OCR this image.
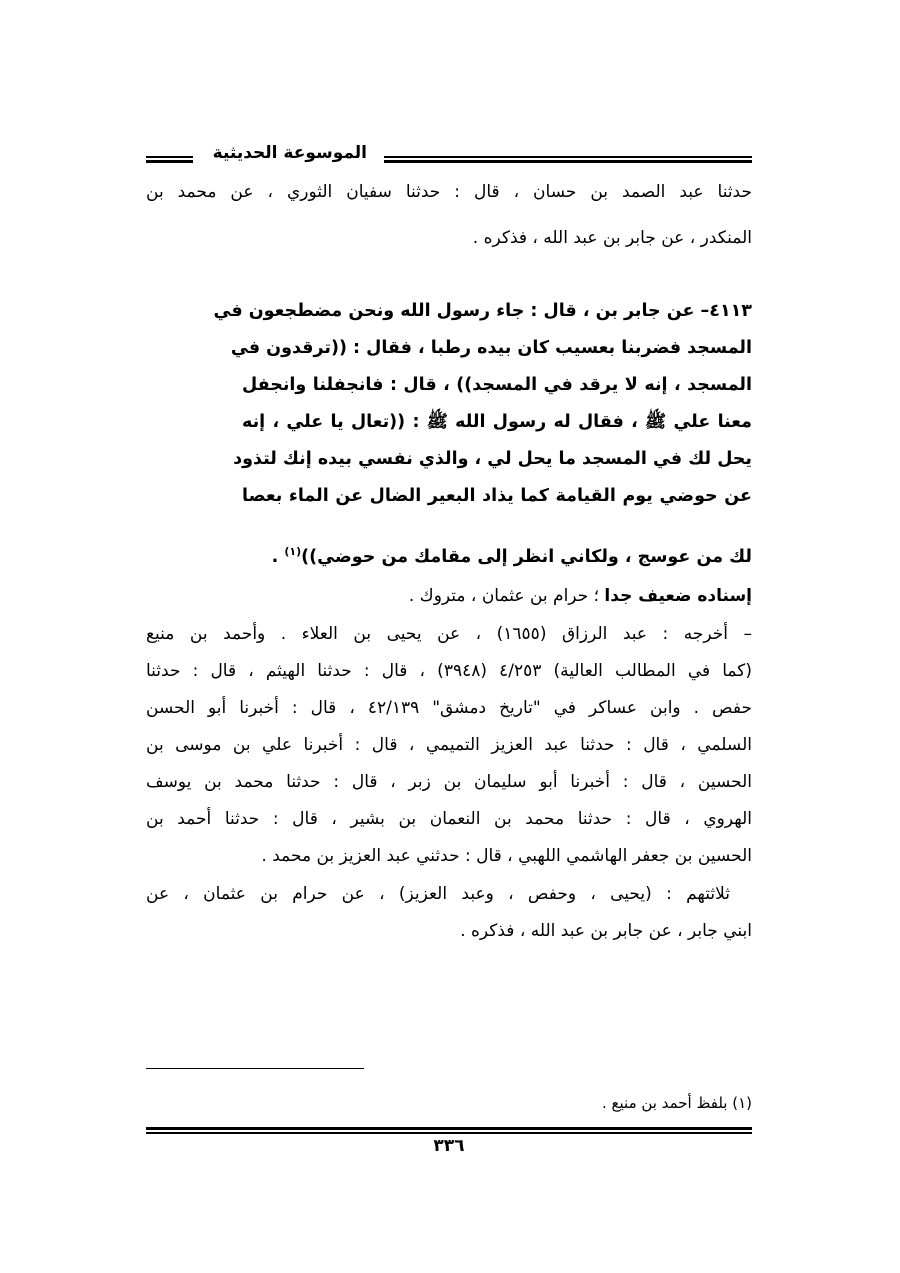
الموسوعة الحديثية
حدثنا عبد الصمد بن حسان ، قال : حدثنا سفيان الثوري ، عن محمد بن
المنكدر ، عن جابر بن عبد الله ، فذكره .
٤١١٣– عن جابر بن ، قال : جاء رسول الله ونحن مضطجعون في
المسجد فضربنا بعسيب كان بيده رطبا ، فقال : ((ترقدون في
المسجد ، إنه لا يرقد في المسجد)) ، قال : فانجفلنا وانجفل
معنا علي ﷺ ، فقال له رسول الله ﷺ : ((تعال يا علي ، إنه
يحل لك في المسجد ما يحل لي ، والذي نفسي بيده إنك لتذود
عن حوضي يوم القيامة كما يذاد البعير الضال عن الماء بعصا
لك من عوسج ، ولكاني انظر إلى مقامك من حوضي))$^{(١)}$ .
إسناده ضعيف جدا ؛ حرام بن عثمان ، متروك .
– أخرجه : عبد الرزاق (١٦٥٥) ، عن يحيى بن العلاء . وأحمد بن منيع
(كما في المطالب العالية) ٤/٢٥٣ (٣٩٤٨) ، قال : حدثنا الهيثم ، قال : حدثنا
حفص . وابن عساكر في "تاريخ دمشق" ٤٢/١٣٩ ، قال : أخبرنا أبو الحسن
السلمي ، قال : حدثنا عبد العزيز التميمي ، قال : أخبرنا علي بن موسى بن
الحسين ، قال : أخبرنا أبو سليمان بن زبر ، قال : حدثنا محمد بن يوسف
الهروي ، قال : حدثنا محمد بن النعمان بن بشير ، قال : حدثنا أحمد بن
الحسين بن جعفر الهاشمي اللهبي ، قال : حدثني عبد العزيز بن محمد .
ثلاثتهم : (يحيى ، وحفص ، وعبد العزيز) ، عن حرام بن عثمان ، عن
ابني جابر ، عن جابر بن عبد الله ، فذكره .
(١) بلفظ أحمد بن منيع .
٣٣٦
